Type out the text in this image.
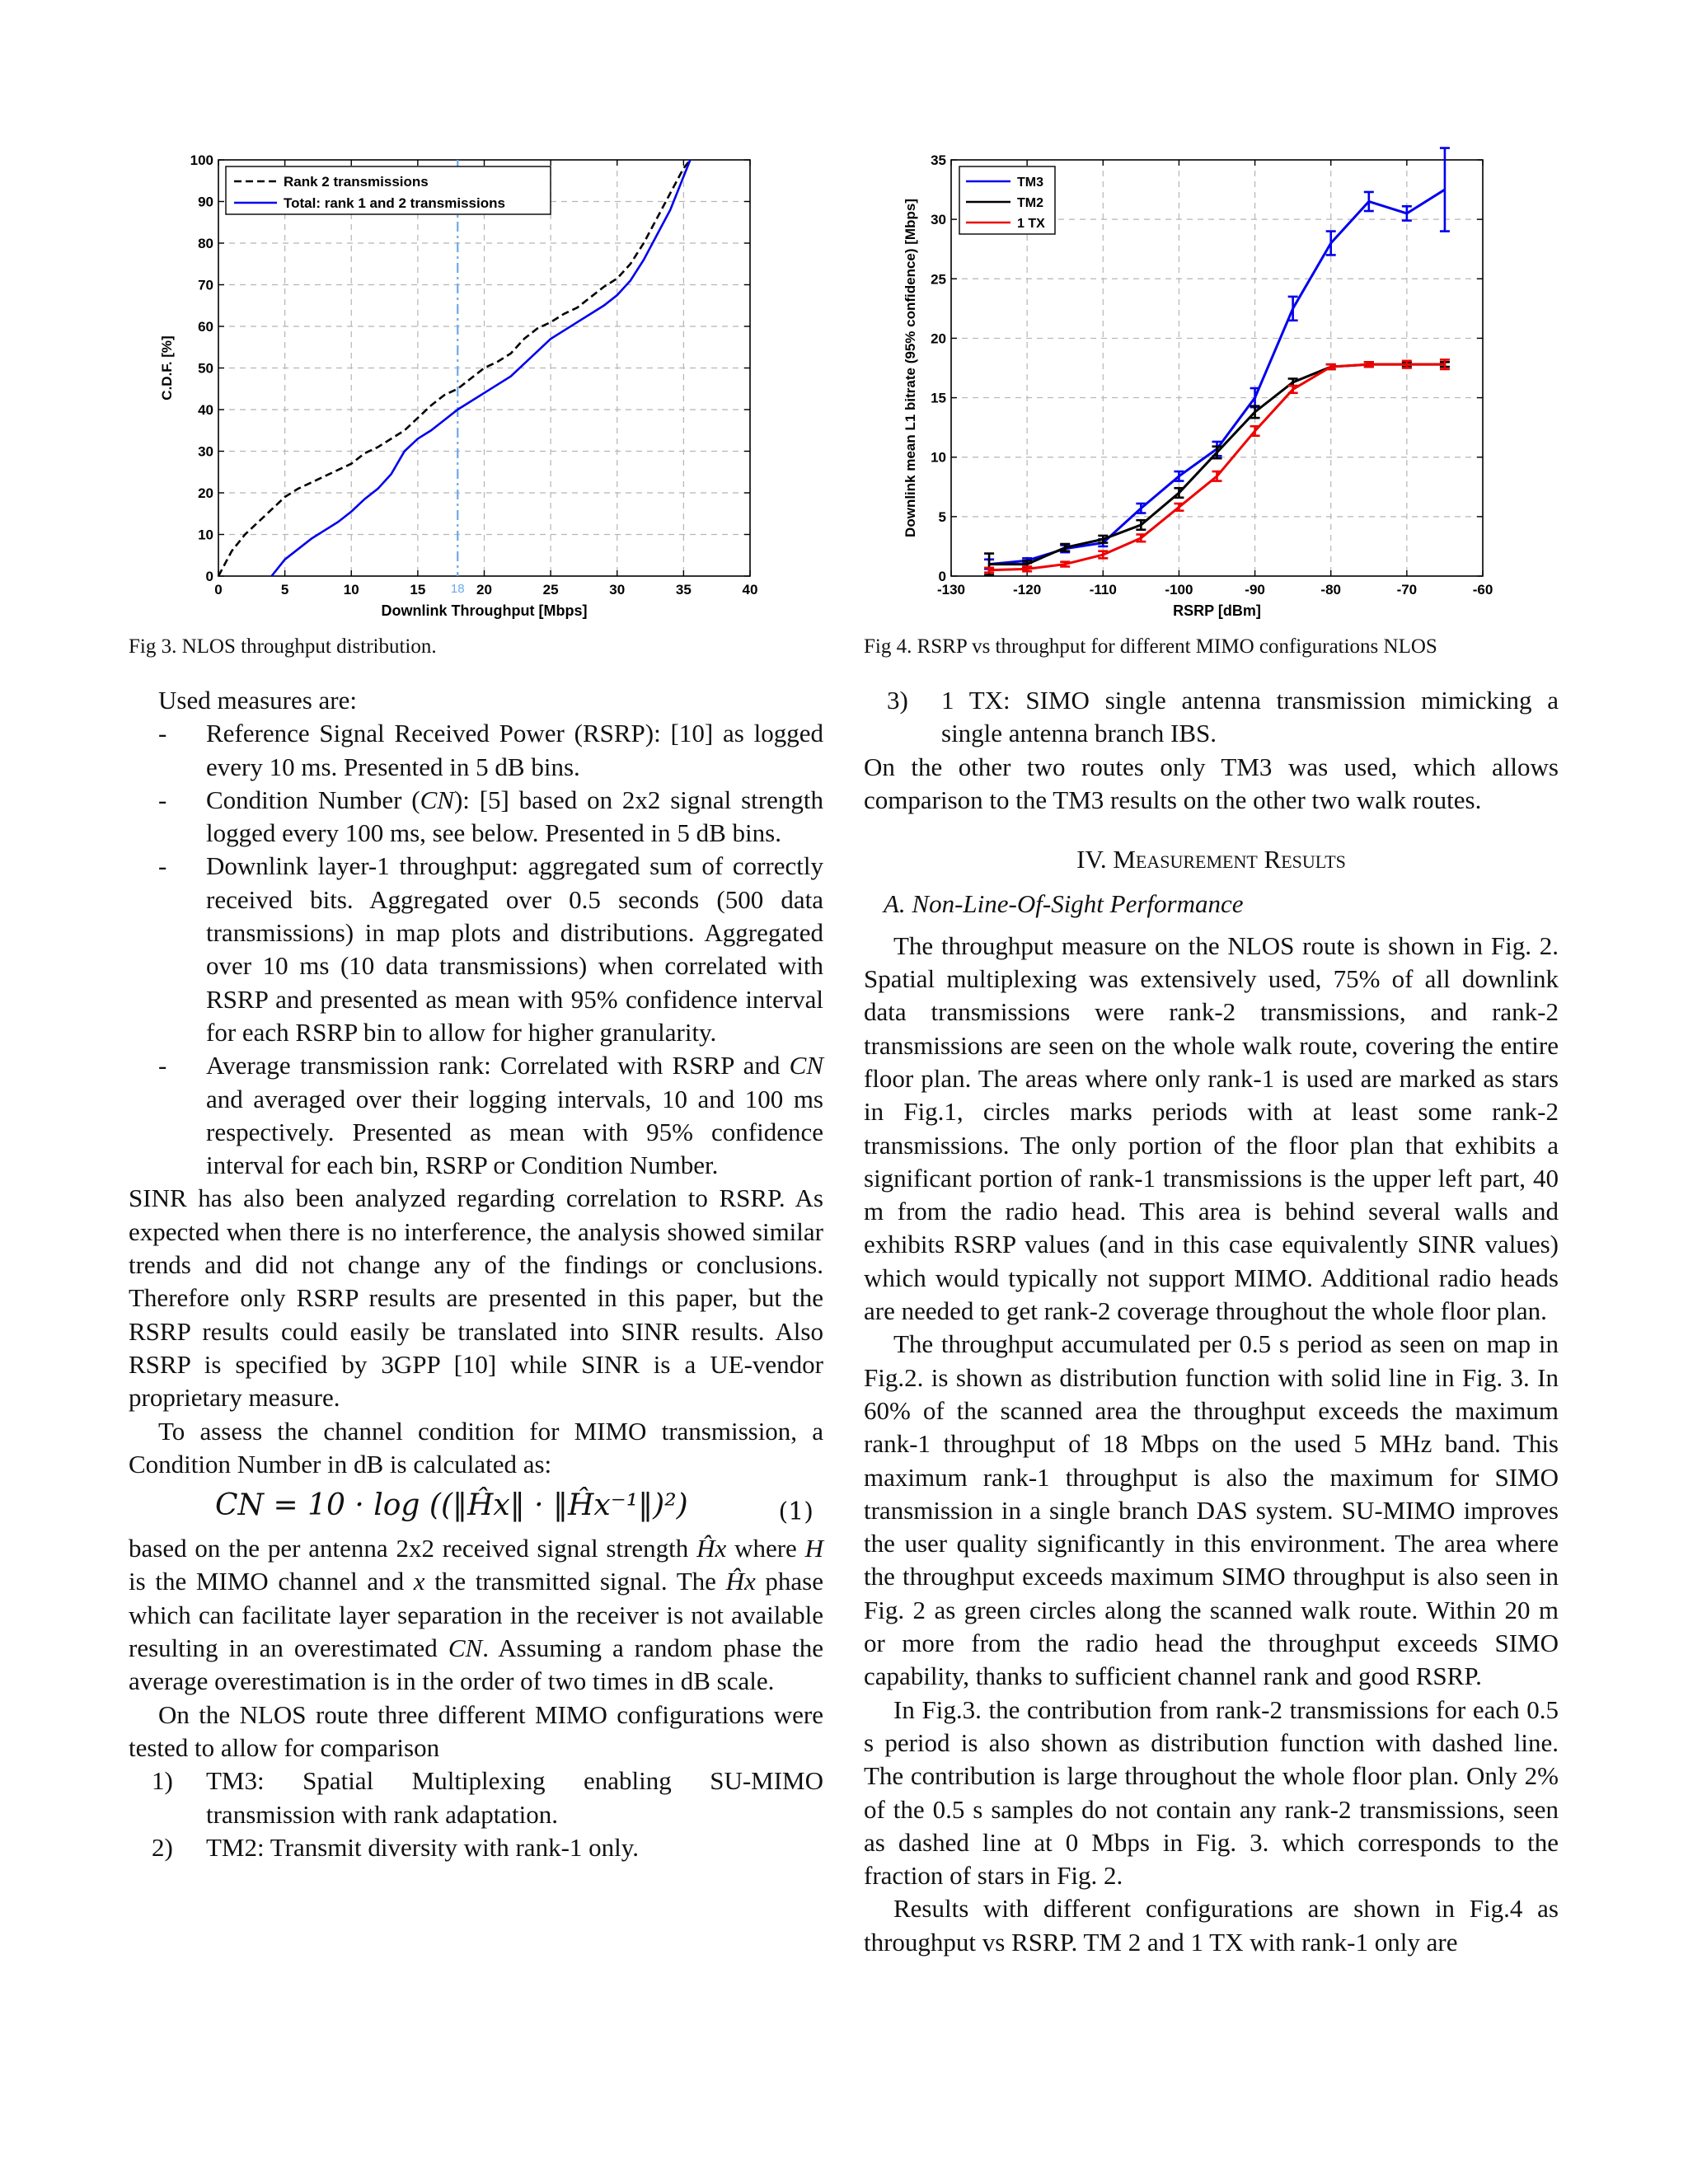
0	5	10	15	20	25	30	35	40
0
10
20
30
40
50
60
70
80
90
100
Downlink Throughput [Mbps]
C.D.F. [%]
18
Rank 2 transmissions
Total: rank 1 and 2 transmissions
Fig 3. NLOS throughput distribution.
-130	-120	-110	-100	-90	-80	-70	-60
0
5
10
15
20
25
30
35
RSRP [dBm]
Downlink mean L1 bitrate (95% confidence) [Mbps]
TM3
TM2
1 TX
Fig 4. RSRP vs throughput for different MIMO configurations NLOS

Used measures are:

- Reference Signal Received Power (RSRP): [10] as logged every 10 ms. Presented in 5 dB bins.
- Condition Number (CN): [5] based on 2x2 signal strength logged every 100 ms, see below. Presented in 5 dB bins.
- Downlink layer-1 throughput: aggregated sum of correctly received bits. Aggregated over 0.5 seconds (500 data transmissions) in map plots and distributions. Aggregated over 10 ms (10 data transmissions) when correlated with RSRP and presented as mean with 95% confidence interval for each RSRP bin to allow for higher granularity.
- Average transmission rank: Correlated with RSRP and CN and averaged over their logging intervals, 10 and 100 ms respectively. Presented as mean with 95% confidence interval for each bin, RSRP or Condition Number.

SINR has also been analyzed regarding correlation to RSRP. As expected when there is no interference, the analysis showed similar trends and did not change any of the findings or conclusions. Therefore only RSRP results are presented in this paper, but the RSRP results could easily be translated into SINR results. Also RSRP is specified by 3GPP [10] while SINR is a UE-vendor proprietary measure.

To assess the channel condition for MIMO transmission, a Condition Number in dB is calculated as:

CN = 10 · log ((‖Ĥx‖ · ‖Ĥx⁻¹‖)²)	(1)

based on the per antenna 2x2 received signal strength Ĥx where H is the MIMO channel and x the transmitted signal. The Ĥx phase which can facilitate layer separation in the receiver is not available resulting in an overestimated CN. Assuming a random phase the average overestimation is in the order of two times in dB scale.

On the NLOS route three different MIMO configurations were tested to allow for comparison

1) TM3: Spatial Multiplexing enabling SU-MIMO transmission with rank adaptation.
2) TM2: Transmit diversity with rank-1 only.
3) 1 TX: SIMO single antenna transmission mimicking a single antenna branch IBS.

On the other two routes only TM3 was used, which allows comparison to the TM3 results on the other two walk routes.

IV. Measurement Results
A. Non-Line-Of-Sight Performance

The throughput measure on the NLOS route is shown in Fig. 2. Spatial multiplexing was extensively used, 75% of all downlink data transmissions were rank-2 transmissions, and rank-2 transmissions are seen on the whole walk route, covering the entire floor plan. The areas where only rank-1 is used are marked as stars in Fig.1, circles marks periods with at least some rank-2 transmissions. The only portion of the floor plan that exhibits a significant portion of rank-1 transmissions is the upper left part, 40 m from the radio head. This area is behind several walls and exhibits RSRP values (and in this case equivalently SINR values) which would typically not support MIMO. Additional radio heads are needed to get rank-2 coverage throughout the whole floor plan.

The throughput accumulated per 0.5 s period as seen on map in Fig.2. is shown as distribution function with solid line in Fig. 3. In 60% of the scanned area the throughput exceeds the maximum rank-1 throughput of 18 Mbps on the used 5 MHz band. This maximum rank-1 throughput is also the maximum for SIMO transmission in a single branch DAS system. SU-MIMO improves the user quality significantly in this environment. The area where the throughput exceeds maximum SIMO throughput is also seen in Fig. 2 as green circles along the scanned walk route. Within 20 m or more from the radio head the throughput exceeds SIMO capability, thanks to sufficient channel rank and good RSRP.

In Fig.3. the contribution from rank-2 transmissions for each 0.5 s period is also shown as distribution function with dashed line. The contribution is large throughout the whole floor plan. Only 2% of the 0.5 s samples do not contain any rank-2 transmissions, seen as dashed line at 0 Mbps in Fig. 3. which corresponds to the fraction of stars in Fig. 2.

Results with different configurations are shown in Fig.4 as throughput vs RSRP. TM 2 and 1 TX with rank-1 only are
